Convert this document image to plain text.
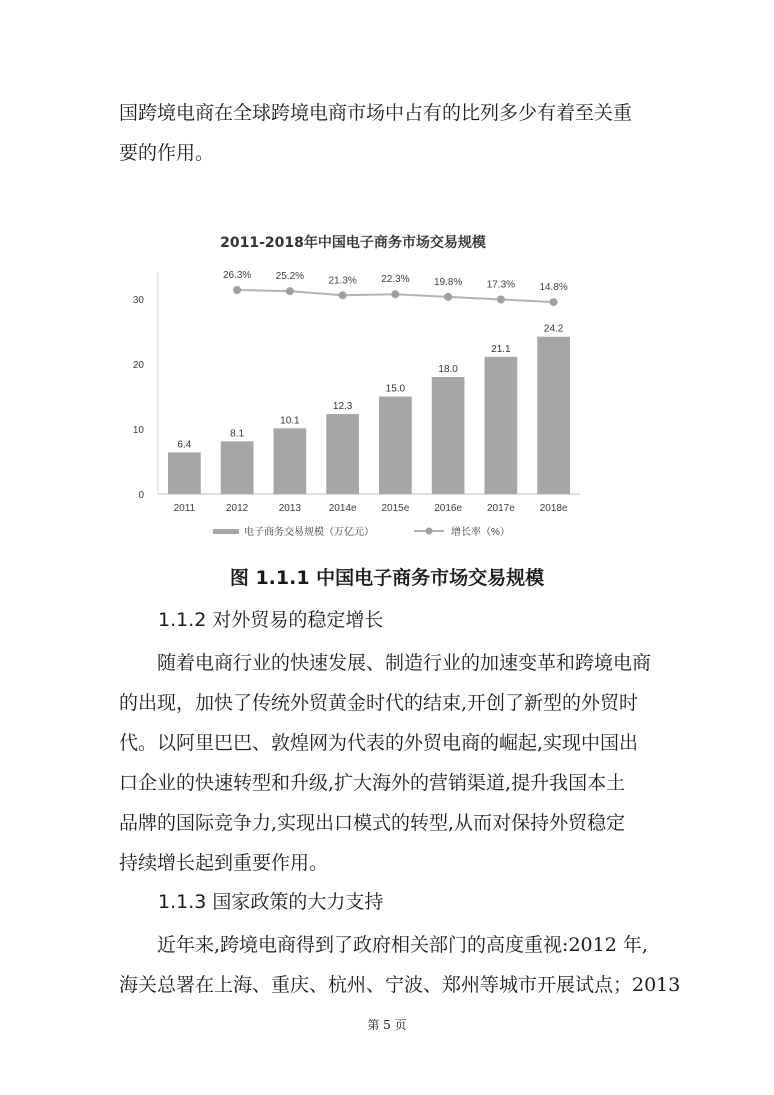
国跨境电商在全球跨境电商市场中占有的比列多少有着至关重
要的作用。
2011-2018年中国电子商务市场交易规模
0
10
20
30
6.4
2011
8.1
2012
10.1
2013
12.3
2014e
15.0
2015e
18.0
2016e
21.1
2017e
24.2
2018e
26.3% 25.2% 21.3% 22.3% 19.8% 17.3% 14.8%
电子商务交易规模（万亿元）	增长率（%）
图 1.1.1 中国电子商务市场交易规模
1.1.2 对外贸易的稳定增长
随着电商行业的快速发展、制造行业的加速变革和跨境电商
的出现，加快了传统外贸黄金时代的结束,开创了新型的外贸时
代。以阿里巴巴、敦煌网为代表的外贸电商的崛起,实现中国出
口企业的快速转型和升级,扩大海外的营销渠道,提升我国本土
品牌的国际竞争力,实现出口模式的转型,从而对保持外贸稳定
持续增长起到重要作用。
1.1.3 国家政策的大力支持
近年来,跨境电商得到了政府相关部门的高度重视:2012 年,
海关总署在上海、重庆、杭州、宁波、郑州等城市开展试点；2013
第 5 页
